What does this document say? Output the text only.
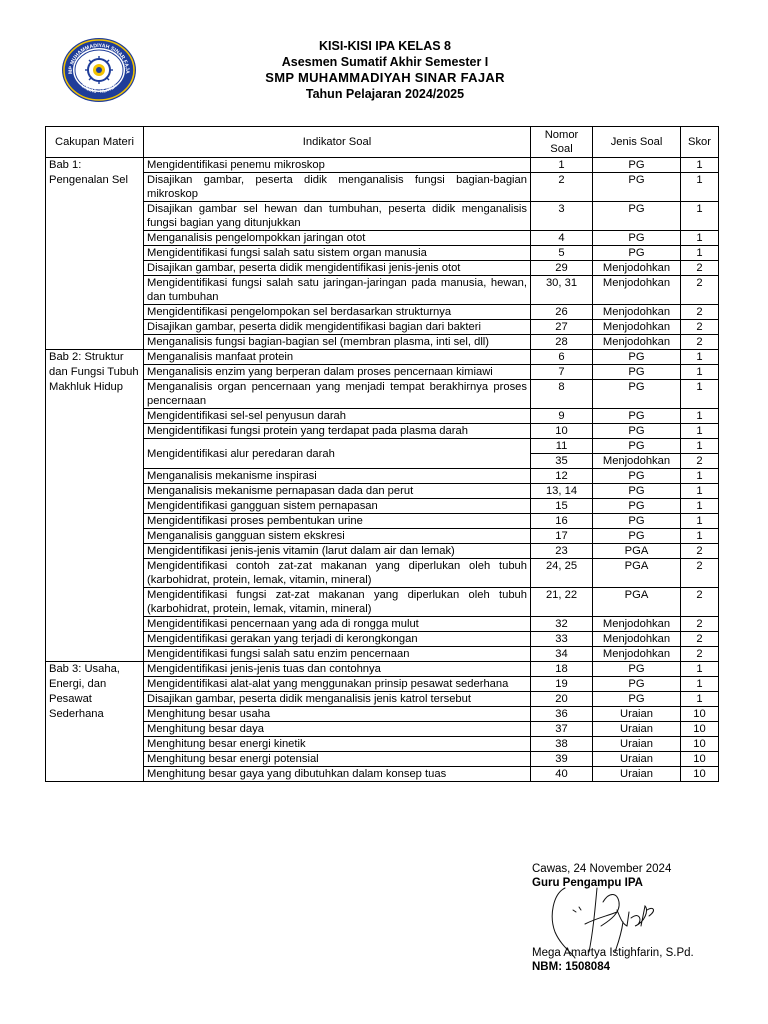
MP MUHAMMADIYAH SINAR FAJA
CAWAS - KLATEN
KISI-KISI IPA KELAS 8
Asesmen Sumatif Akhir Semester I
SMP MUHAMMADIYAH SINAR FAJAR
Tahun Pelajaran 2024/2025
Cakupan Materi	Indikator Soal	Nomor Soal	Jenis Soal	Skor
Bab 1: Pengenalan Sel	Mengidentifikasi penemu mikroskop	1	PG	1
	Disajikan gambar, peserta didik menganalisis fungsi bagian-bagian mikroskop	2	PG	1
	Disajikan gambar sel hewan dan tumbuhan, peserta didik menganalisis fungsi bagian yang ditunjukkan	3	PG	1
	Menganalisis pengelompokkan jaringan otot	4	PG	1
	Mengidentifikasi fungsi salah satu sistem organ manusia	5	PG	1
	Disajikan gambar, peserta didik mengidentifikasi jenis-jenis otot	29	Menjodohkan	2
	Mengidentifikasi fungsi salah satu jaringan-jaringan pada manusia, hewan, dan tumbuhan	30, 31	Menjodohkan	2
	Mengidentifikasi pengelompokan sel berdasarkan strukturnya	26	Menjodohkan	2
	Disajikan gambar, peserta didik mengidentifikasi bagian dari bakteri	27	Menjodohkan	2
	Menganalisis fungsi bagian-bagian sel (membran plasma, inti sel, dll)	28	Menjodohkan	2
Bab 2: Struktur dan Fungsi Tubuh Makhluk Hidup	Menganalisis manfaat protein	6	PG	1
	Menganalisis enzim yang berperan dalam proses pencernaan kimiawi	7	PG	1
	Menganalisis organ pencernaan yang menjadi tempat berakhirnya proses pencernaan	8	PG	1
	Mengidentifikasi sel-sel penyusun darah	9	PG	1
	Mengidentifikasi fungsi protein yang terdapat pada plasma darah	10	PG	1
	Mengidentifikasi alur peredaran darah	11	PG	1
		35	Menjodohkan	2
	Menganalisis mekanisme inspirasi	12	PG	1
	Menganalisis mekanisme pernapasan dada dan perut	13, 14	PG	1
	Mengidentifikasi gangguan sistem pernapasan	15	PG	1
	Mengidentifikasi proses pembentukan urine	16	PG	1
	Menganalisis gangguan sistem ekskresi	17	PG	1
	Mengidentifikasi jenis-jenis vitamin (larut dalam air dan lemak)	23	PGA	2
	Mengidentifikasi contoh zat-zat makanan yang diperlukan oleh tubuh (karbohidrat, protein, lemak, vitamin, mineral)	24, 25	PGA	2
	Mengidentifikasi fungsi zat-zat makanan yang diperlukan oleh tubuh (karbohidrat, protein, lemak, vitamin, mineral)	21, 22	PGA	2
	Mengidentifikasi pencernaan yang ada di rongga mulut	32	Menjodohkan	2
	Mengidentifikasi gerakan yang terjadi di kerongkongan	33	Menjodohkan	2
	Mengidentifikasi fungsi salah satu enzim pencernaan	34	Menjodohkan	2
Bab 3: Usaha, Energi, dan Pesawat Sederhana	Mengidentifikasi jenis-jenis tuas dan contohnya	18	PG	1
	Mengidentifikasi alat-alat yang menggunakan prinsip pesawat sederhana	19	PG	1
	Disajikan gambar, peserta didik menganalisis jenis katrol tersebut	20	PG	1
	Menghitung besar usaha	36	Uraian	10
	Menghitung besar daya	37	Uraian	10
	Menghitung besar energi kinetik	38	Uraian	10
	Menghitung besar energi potensial	39	Uraian	10
	Menghitung besar gaya yang dibutuhkan dalam konsep tuas	40	Uraian	10
Cawas, 24 November 2024
Guru Pengampu IPA
Mega Amartya Istighfarin, S.Pd.
NBM: 1508084
